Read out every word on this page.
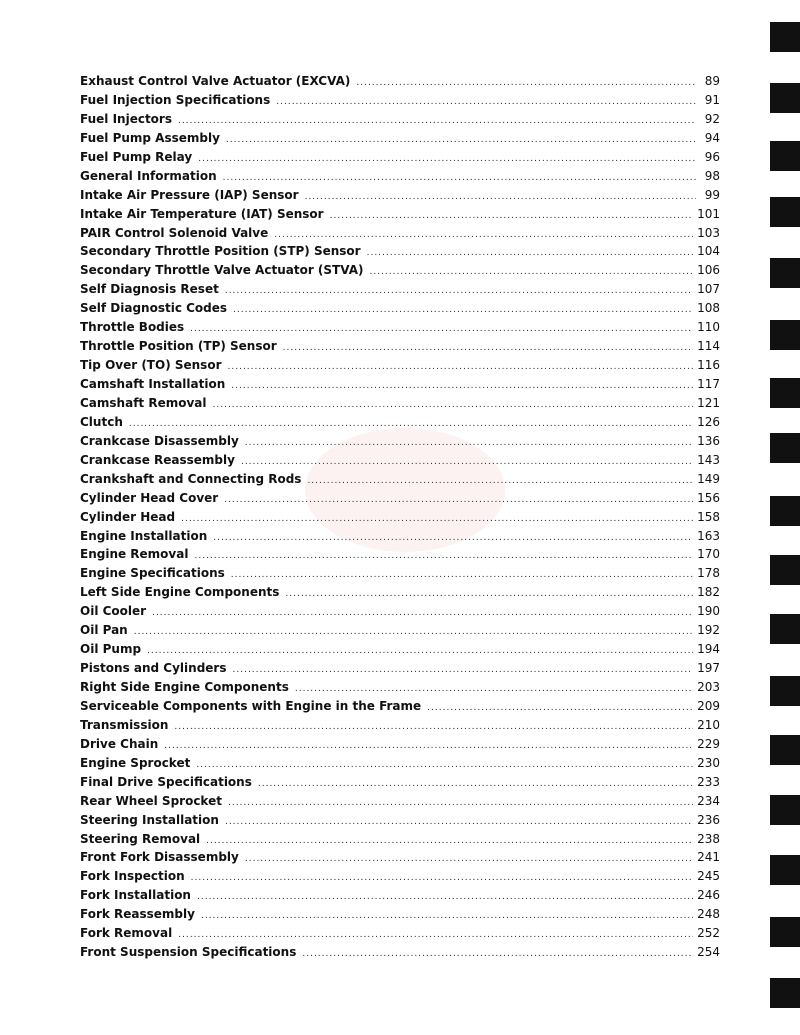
Exhaust Control Valve Actuator (EXCVA) .....	89
Fuel Injection Specifications .....	91
Fuel Injectors .....	92
Fuel Pump Assembly .....	94
Fuel Pump Relay .....	96
General Information .....	98
Intake Air Pressure (IAP) Sensor .....	99
Intake Air Temperature (IAT) Sensor .....	101
PAIR Control Solenoid Valve .....	103
Secondary Throttle Position (STP) Sensor .....	104
Secondary Throttle Valve Actuator (STVA) .....	106
Self Diagnosis Reset .....	107
Self Diagnostic Codes .....	108
Throttle Bodies .....	110
Throttle Position (TP) Sensor .....	114
Tip Over (TO) Sensor .....	116
Camshaft Installation .....	117
Camshaft Removal .....	121
Clutch .....	126
Crankcase Disassembly .....	136
Crankcase Reassembly .....	143
Crankshaft and Connecting Rods .....	149
Cylinder Head Cover .....	156
Cylinder Head .....	158
Engine Installation .....	163
Engine Removal .....	170
Engine Specifications .....	178
Left Side Engine Components .....	182
Oil Cooler .....	190
Oil Pan .....	192
Oil Pump .....	194
Pistons and Cylinders .....	197
Right Side Engine Components .....	203
Serviceable Components with Engine in the Frame .....	209
Transmission .....	210
Drive Chain .....	229
Engine Sprocket .....	230
Final Drive Specifications .....	233
Rear Wheel Sprocket .....	234
Steering Installation .....	236
Steering Removal .....	238
Front Fork Disassembly .....	241
Fork Inspection .....	245
Fork Installation .....	246
Fork Reassembly .....	248
Fork Removal .....	252
Front Suspension Specifications .....	254
